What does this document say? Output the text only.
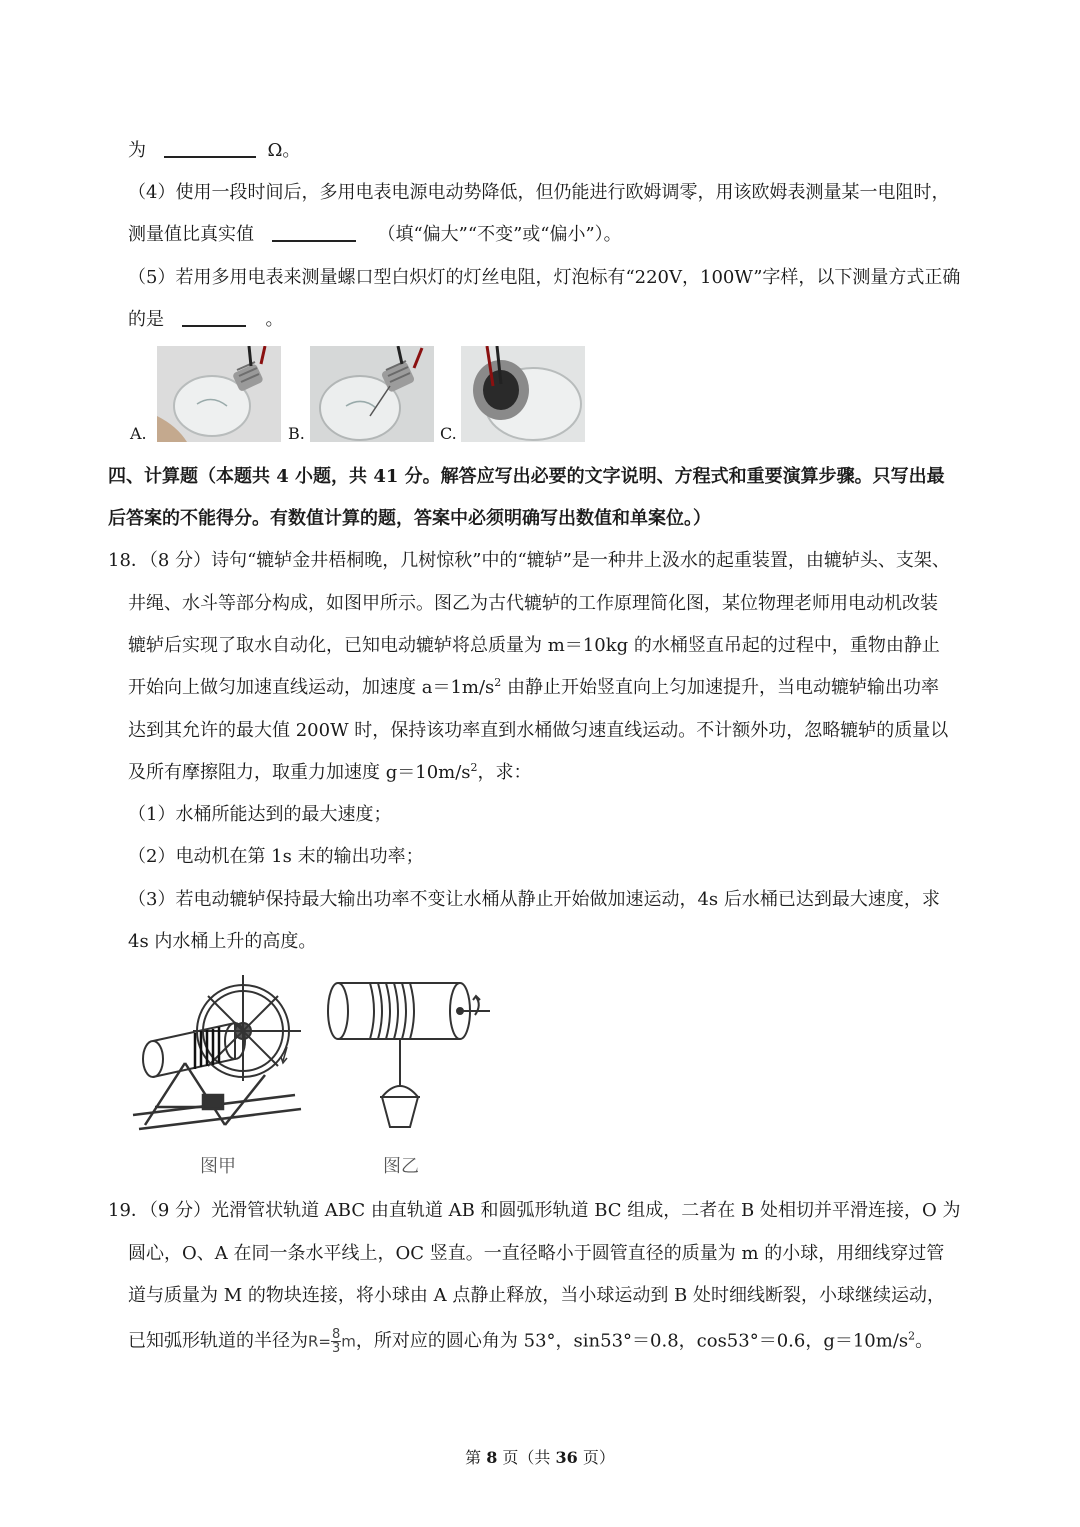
为	Ω。
（4）使用一段时间后，多用电表电源电动势降低，但仍能进行欧姆调零，用该欧姆表测量某一电阻时，
测量值比真实值	（填“偏大”“不变”或“偏小”）。
（5）若用多用电表来测量螺口型白炽灯的灯丝电阻，灯泡标有“220V，100W”字样，以下测量方式正确
的是	。
A.	B.	C.
四、计算题（本题共 4 小题，共 41 分。解答应写出必要的文字说明、方程式和重要演算步骤。只写出最
后答案的不能得分。有数值计算的题，答案中必须明确写出数值和单案位。）
18．（8 分）诗句“辘轳金井梧桐晚，几树惊秋”中的“辘轳”是一种井上汲水的起重装置，由辘轳头、支架、
井绳、水斗等部分构成，如图甲所示。图乙为古代辘轳的工作原理简化图，某位物理老师用电动机改装
辘轳后实现了取水自动化，已知电动辘轳将总质量为 m＝10kg 的水桶竖直吊起的过程中，重物由静止
开始向上做匀加速直线运动，加速度 $a=1m/s^2$ 由静止开始竖直向上匀加速提升，当电动辘轳输出功率
达到其允许的最大值 200W 时，保持该功率直到水桶做匀速直线运动。不计额外功，忽略辘轳的质量以
及所有摩擦阻力，取重力加速度 $g=10m/s^2$，求：
（1）水桶所能达到的最大速度；
（2）电动机在第 1s 末的输出功率；
（3）若电动辘轳保持最大输出功率不变让水桶从静止开始做加速运动，4s 后水桶已达到最大速度，求
4s 内水桶上升的高度。
图甲	图乙
19．（9 分）光滑管状轨道 ABC 由直轨道 AB 和圆弧形轨道 BC 组成，二者在 B 处相切并平滑连接，O 为
圆心，O、A 在同一条水平线上，OC 竖直。一直径略小于圆管直径的质量为 m 的小球，用细线穿过管
道与质量为 M 的物块连接，将小球由 A 点静止释放，当小球运动到 B 处时细线断裂，小球继续运动，
已知弧形轨道的半径为$R= \frac{8}{3}$ m，所对应的圆心角为 53°，sin53°＝0.8，cos53°＝0.6，$g=10m/s^2$。
第 8 页（共 36 页）
